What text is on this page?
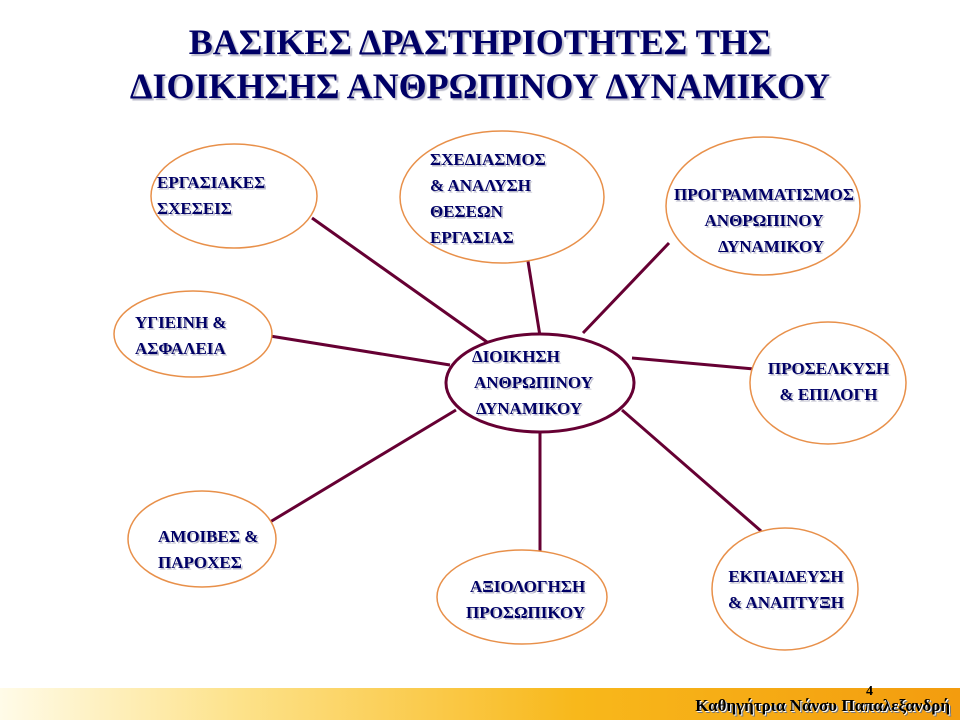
ΒΑΣΙΚΕΣ ΔΡΑΣΤΗΡΙΟΤΗΤΕΣ ΤΗΣ
ΔΙΟΙΚΗΣΗΣ ΑΝΘΡΩΠΙΝΟΥ ΔΥΝΑΜΙΚΟΥ
ΕΡΓΑΣΙΑΚΕΣ
ΣΧΕΣΕΙΣ
ΣΧΕΔΙΑΣΜΟΣ
& ΑΝΑΛΥΣΗ
ΘΕΣΕΩΝ
ΕΡΓΑΣΙΑΣ
ΠΡΟΓΡΑΜΜΑΤΙΣΜΟΣ
ΑΝΘΡΩΠΙΝΟΥ
ΔΥΝΑΜΙΚΟΥ
ΥΓΙΕΙΝΗ &
ΑΣΦΑΛΕΙΑ
ΠΡΟΣΕΛΚΥΣΗ
& ΕΠΙΛΟΓΗ
ΑΜΟΙΒΕΣ &
ΠΑΡΟΧΕΣ
ΑΞΙΟΛΟΓΗΣΗ
ΠΡΟΣΩΠΙΚΟΥ
ΕΚΠΑΙΔΕΥΣΗ
& ΑΝΑΠΤΥΞΗ
ΔΙΟΙΚΗΣΗ
ΑΝΘΡΩΠΙΝΟΥ
ΔΥΝΑΜΙΚΟΥ
4
Καθηγήτρια Νάνσυ Παπαλεξανδρή
